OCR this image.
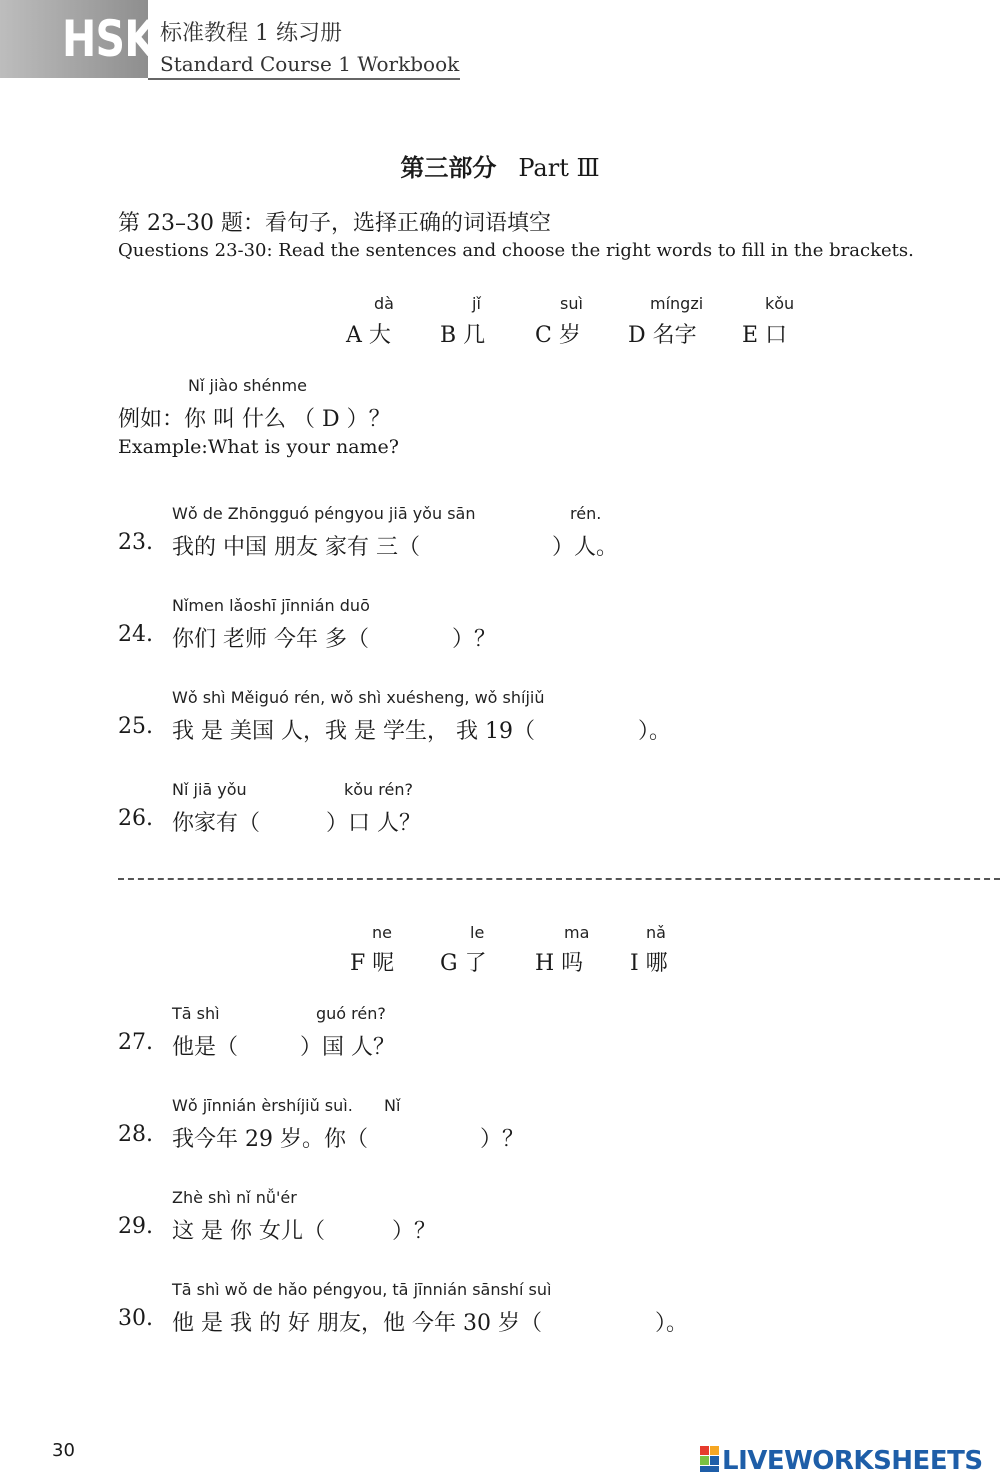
HSK 标准教程 1 练习册
Standard Course 1 Workbook
第三部分 Part Ⅲ
第 23–30 题：看句子，选择正确的词语填空
Questions 23-30: Read the sentences and choose the right words to fill in the brackets.
dà
A 大
jǐ
B 几
suì
C 岁
míngzi
D 名字
kǒu
E 口
Nǐ jiào shénme
例如：你 叫 什么 （ D ）？
Example:What is your name?
Wǒ de Zhōngguó péngyou jiā yǒu sān	rén.
23. 我的 中国 朋友 家有 三（	）人。
Nǐmen lǎoshī jīnnián duō
24. 你们 老师 今年 多（	）？
Wǒ shì Měiguó rén, wǒ shì xuésheng, wǒ shíjiǔ
25. 我 是 美国 人，我 是 学生， 我 19（	）。
Nǐ jiā yǒu	kǒu rén?
26. 你家有（	）口 人？
ne
F 呢
le
G 了
ma
H 吗
nǎ
I 哪
Tā shì	guó rén?
27. 他是（	）国 人？
Wǒ jīnnián èrshíjiǔ suì. Nǐ
28. 我今年 29 岁。你（	）？
Zhè shì nǐ nǚ'ér
29. 这 是 你 女儿（	）？
Tā shì wǒ de hǎo péngyou, tā jīnnián sānshí suì
30. 他 是 我 的 好 朋友，他 今年 30 岁（	）。
30	LIVEWORKSHEETS
